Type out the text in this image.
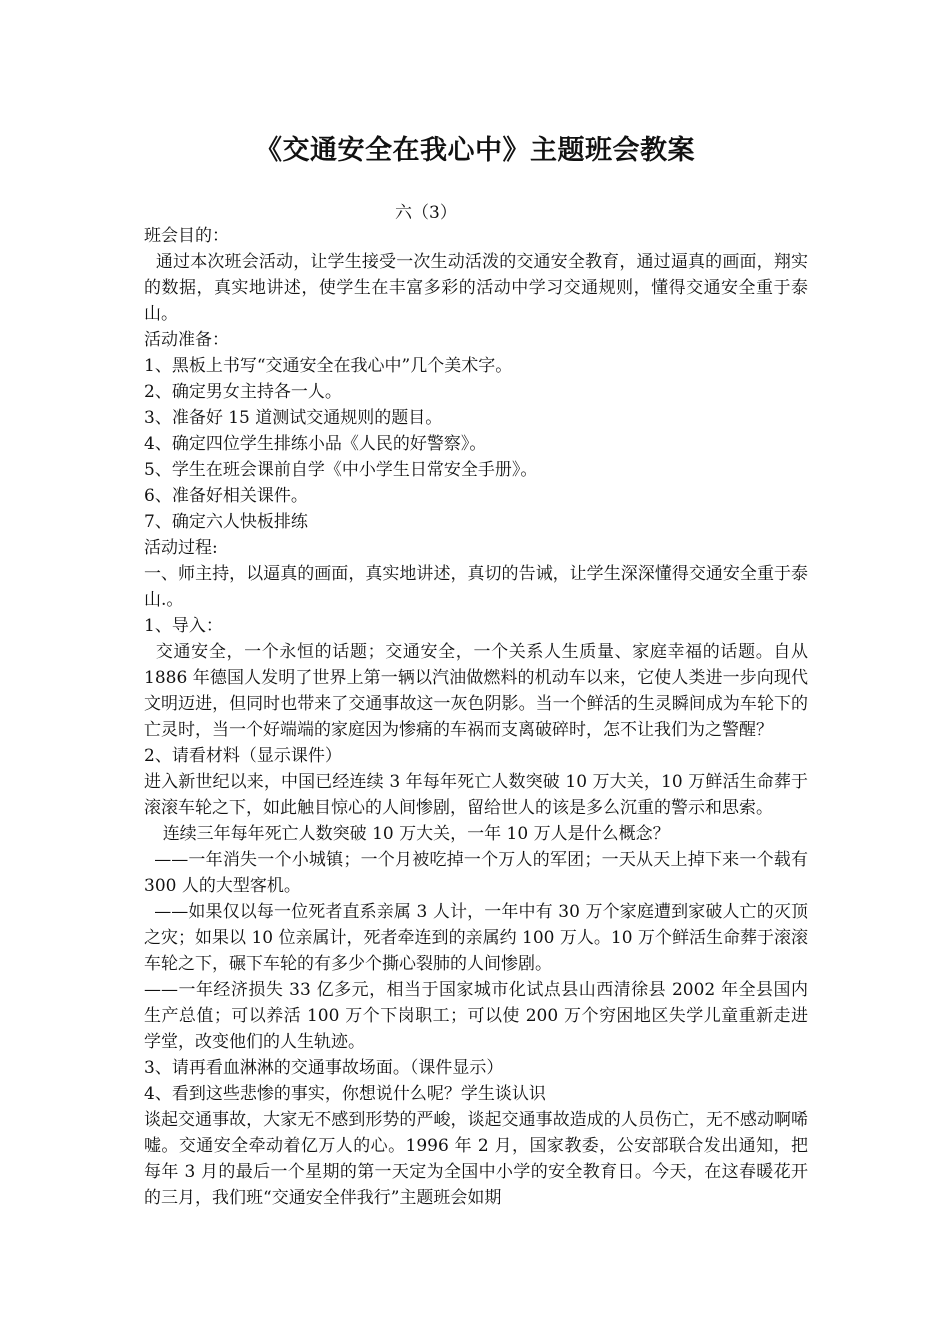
《交通安全在我心中》主题班会教案
六（3）

班会目的：

通过本次班会活动，让学生接受一次生动活泼的交通安全教育，通过逼真的画面，翔实的数据，真实地讲述，使学生在丰富多彩的活动中学习交通规则，懂得交通安全重于泰山。

活动准备：

1、黑板上书写“交通安全在我心中”几个美术字。

2、确定男女主持各一人。

3、准备好 15 道测试交通规则的题目。

4、确定四位学生排练小品《人民的好警察》。

5、学生在班会课前自学《中小学生日常安全手册》。

6、准备好相关课件。

7、确定六人快板排练

活动过程:

一、师主持，以逼真的画面，真实地讲述，真切的告诫，让学生深深懂得交通安全重于泰山.。

1、导入：

交通安全，一个永恒的话题；交通安全，一个关系人生质量、家庭幸福的话题。自从 1886 年德国人发明了世界上第一辆以汽油做燃料的机动车以来，它使人类进一步向现代文明迈进，但同时也带来了交通事故这一灰色阴影。当一个鲜活的生灵瞬间成为车轮下的亡灵时，当一个好端端的家庭因为惨痛的车祸而支离破碎时，怎不让我们为之警醒？

2、请看材料（显示课件）

进入新世纪以来，中国已经连续 3 年每年死亡人数突破 10 万大关，10 万鲜活生命葬于滚滚车轮之下，如此触目惊心的人间惨剧，留给世人的该是多么沉重的警示和思索。

连续三年每年死亡人数突破 10 万大关，一年 10 万人是什么概念？

——一年消失一个小城镇；一个月被吃掉一个万人的军团；一天从天上掉下来一个载有 300 人的大型客机。

——如果仅以每一位死者直系亲属 3 人计，一年中有 30 万个家庭遭到家破人亡的灭顶之灾；如果以 10 位亲属计，死者牵连到的亲属约 100 万人。10 万个鲜活生命葬于滚滚车轮之下，碾下车轮的有多少个撕心裂肺的人间惨剧。

——一年经济损失 33 亿多元，相当于国家城市化试点县山西清徐县 2002 年全县国内生产总值；可以养活 100 万个下岗职工；可以使 200 万个穷困地区失学儿童重新走进学堂，改变他们的人生轨迹。

3、请再看血淋淋的交通事故场面。（课件显示）

4、看到这些悲惨的事实，你想说什么呢？学生谈认识

谈起交通事故，大家无不感到形势的严峻，谈起交通事故造成的人员伤亡，无不感动啊唏嘘。交通安全牵动着亿万人的心。1996 年 2 月，国家教委，公安部联合发出通知，把每年 3 月的最后一个星期的第一天定为全国中小学的安全教育日。今天，在这春暖花开的三月，我们班“交通安全伴我行”主题班会如期
